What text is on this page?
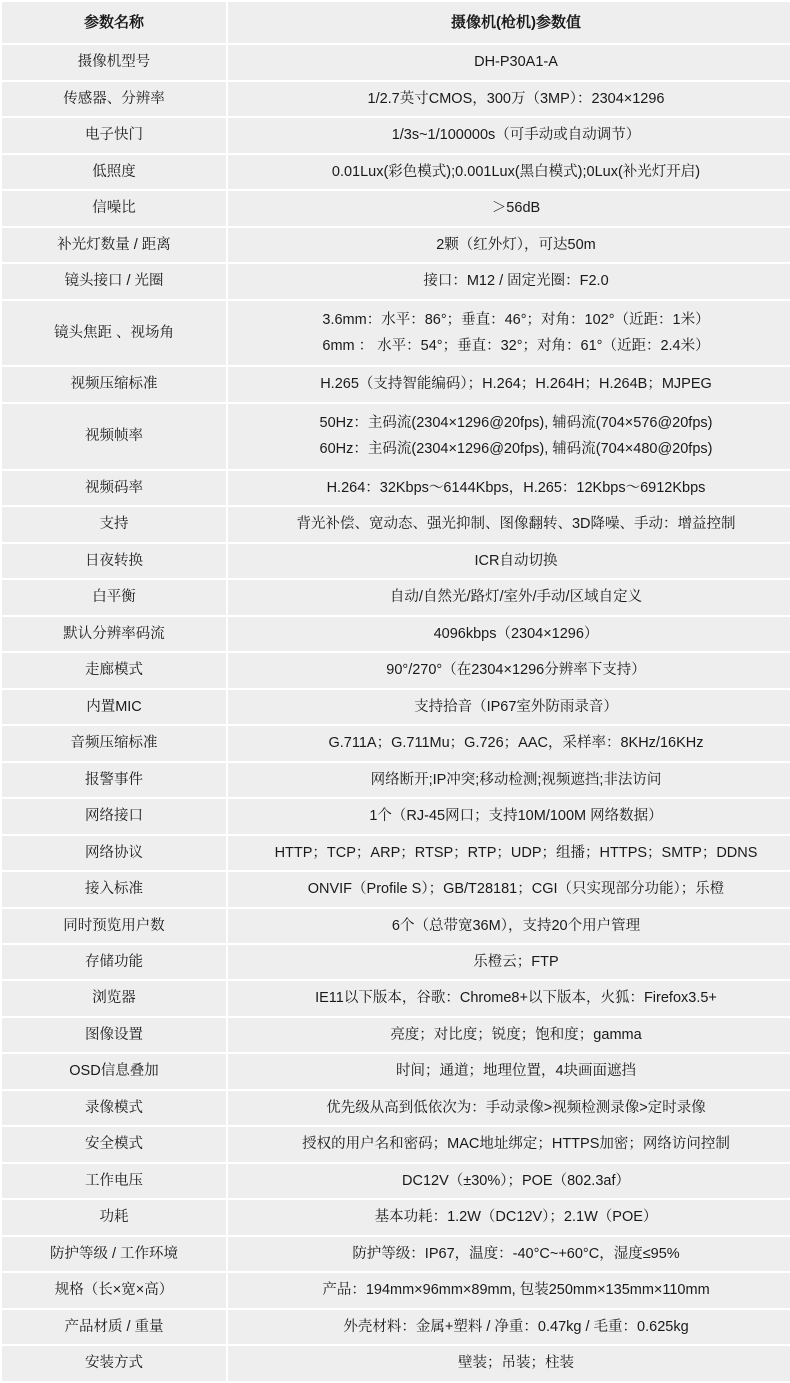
参数名称	摄像机(枪机)参数值
摄像机型号	DH-P30A1-A
传感器、分辨率	1/2.7英寸CMOS，300万（3MP）：2304×1296
电子快门	1/3s~1/100000s（可手动或自动调节）
低照度	0.01Lux(彩色模式);0.001Lux(黑白模式);0Lux(补光灯开启)
信噪比	＞56dB
补光灯数量 / 距离	2颗（红外灯），可达50m
镜头接口 / 光圈	接口：M12 / 固定光圈：F2.0
镜头焦距 、视场角	3.6mm：水平：86°；垂直：46°；对角：102°（近距：1米）
6mm ： 水平：54°；垂直：32°；对角：61°（近距：2.4米）

视频压缩标准	H.265（支持智能编码）；H.264；H.264H；H.264B；MJPEG
视频帧率	50Hz：主码流(2304×1296@20fps), 辅码流(704×576@20fps)
60Hz：主码流(2304×1296@20fps), 辅码流(704×480@20fps)

视频码率	H.264：32Kbps〜6144Kbps，H.265：12Kbps〜6912Kbps
支持	背光补偿、宽动态、强光抑制、图像翻转、3D降噪、手动：增益控制
日夜转换	ICR自动切换
白平衡	自动/自然光/路灯/室外/手动/区域自定义
默认分辨率码流	4096kbps（2304×1296）
走廊模式	90°/270°（在2304×1296分辨率下支持）
内置MIC	支持拾音（IP67室外防雨录音）
音频压缩标准	G.711A；G.711Mu；G.726；AAC，采样率：8KHz/16KHz
报警事件	网络断开;IP冲突;移动检测;视频遮挡;非法访问
网络接口	1个（RJ-45网口；支持10M/100M 网络数据）
网络协议	HTTP；TCP；ARP；RTSP；RTP；UDP；组播；HTTPS；SMTP；DDNS
接入标准	ONVIF（Profile S）；GB/T28181；CGI（只实现部分功能）；乐橙
同时预览用户数	6个（总带宽36M），支持20个用户管理
存储功能	乐橙云；FTP
浏览器	IE11以下版本，谷歌：Chrome8+以下版本，火狐：Firefox3.5+
图像设置	亮度；对比度；锐度；饱和度；gamma
OSD信息叠加	时间；通道；地理位置，4块画面遮挡
录像模式	优先级从高到低依次为：手动录像>视频检测录像>定时录像
安全模式	授权的用户名和密码；MAC地址绑定；HTTPS加密；网络访问控制
工作电压	DC12V（±30%）；POE（802.3af）
功耗	基本功耗：1.2W（DC12V）；2.1W（POE）
防护等级 / 工作环境	防护等级：IP67，温度：-40°C~+60°C，湿度≤95%
规格（长×宽×高）	产品：194mm×96mm×89mm, 包装250mm×135mm×110mm
产品材质 / 重量	外壳材料：金属+塑料 / 净重：0.47kg / 毛重：0.625kg
安装方式	壁装；吊装；柱装
